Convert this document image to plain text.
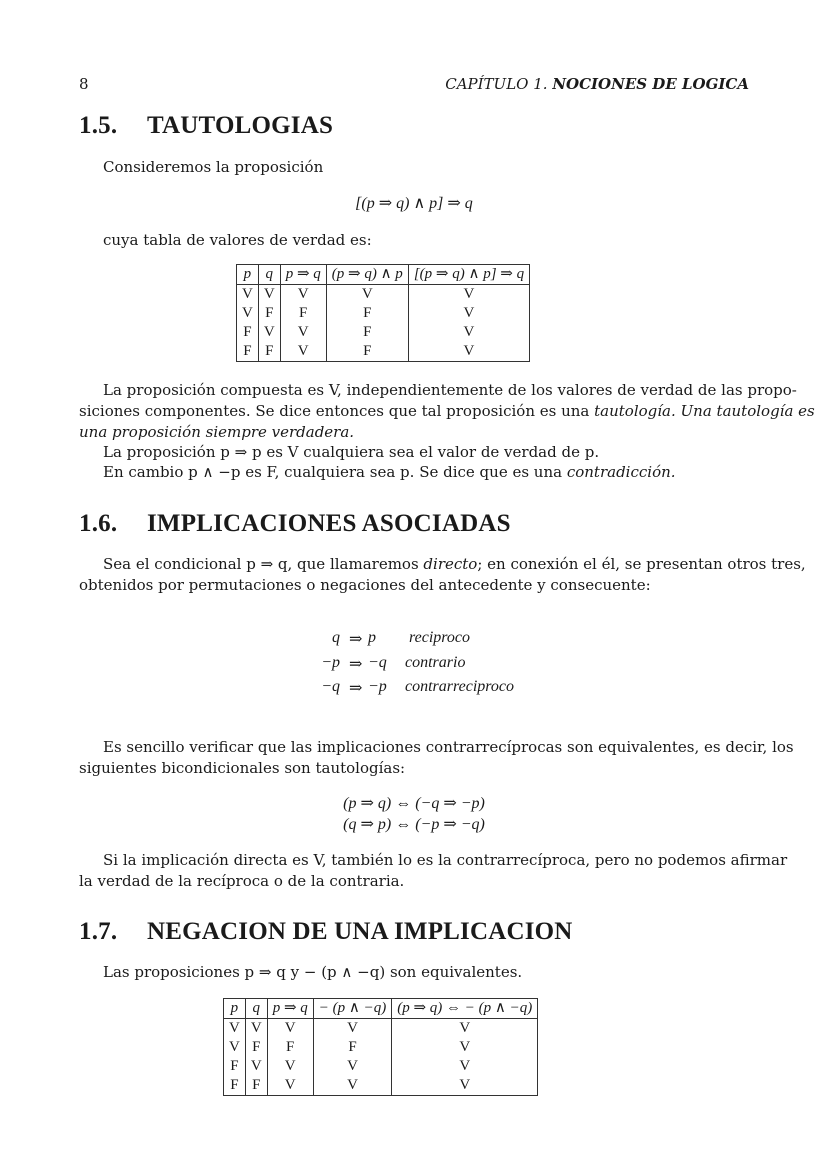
8	CAPÍTULO 1. NOCIONES DE LOGICA
1.5. TAUTOLOGIAS
Consideremos la proposición
[(p ⇒ q) ∧ p] ⇒ q
cuya tabla de valores de verdad es:
p	q	p ⇒ q	(p ⇒ q) ∧ p	[(p ⇒ q) ∧ p] ⇒ q
V	V	V	V	V
V	F	F	F	V
F	V	V	F	V
F	F	V	F	V
La proposición compuesta es V, independientemente de los valores de verdad de las propo-
siciones componentes. Se dice entonces que tal proposición es una tautología. Una tautología es
una proposición siempre verdadera.
La proposición p ⇒ p es V cualquiera sea el valor de verdad de p.
En cambio p ∧ −p es F, cualquiera sea p. Se dice que es una contradicción.
1.6. IMPLICACIONES ASOCIADAS
Sea el condicional p ⇒ q, que llamaremos directo; en conexión el él, se presentan otros tres,
obtenidos por permutaciones o negaciones del antecedente y consecuente:
q ⇒ p reciproco
−p ⇒ −q contrario
−q ⇒ −p contrarreciproco
Es sencillo verificar que las implicaciones contrarrecíprocas son equivalentes, es decir, los
siguientes bicondicionales son tautologías:
(p ⇒ q) ⇔ (−q ⇒ −p)
(q ⇒ p) ⇔ (−p ⇒ −q)
Si la implicación directa es V, también lo es la contrarrecíproca, pero no podemos afirmar
la verdad de la recíproca o de la contraria.
1.7. NEGACION DE UNA IMPLICACION
Las proposiciones p ⇒ q y − (p ∧ −q) son equivalentes.
p	q	p ⇒ q	− (p ∧ −q)	(p ⇒ q) ⇔ − (p ∧ −q)
V	V	V	V	V
V	F	F	F	V
F	V	V	V	V
F	F	V	V	V
